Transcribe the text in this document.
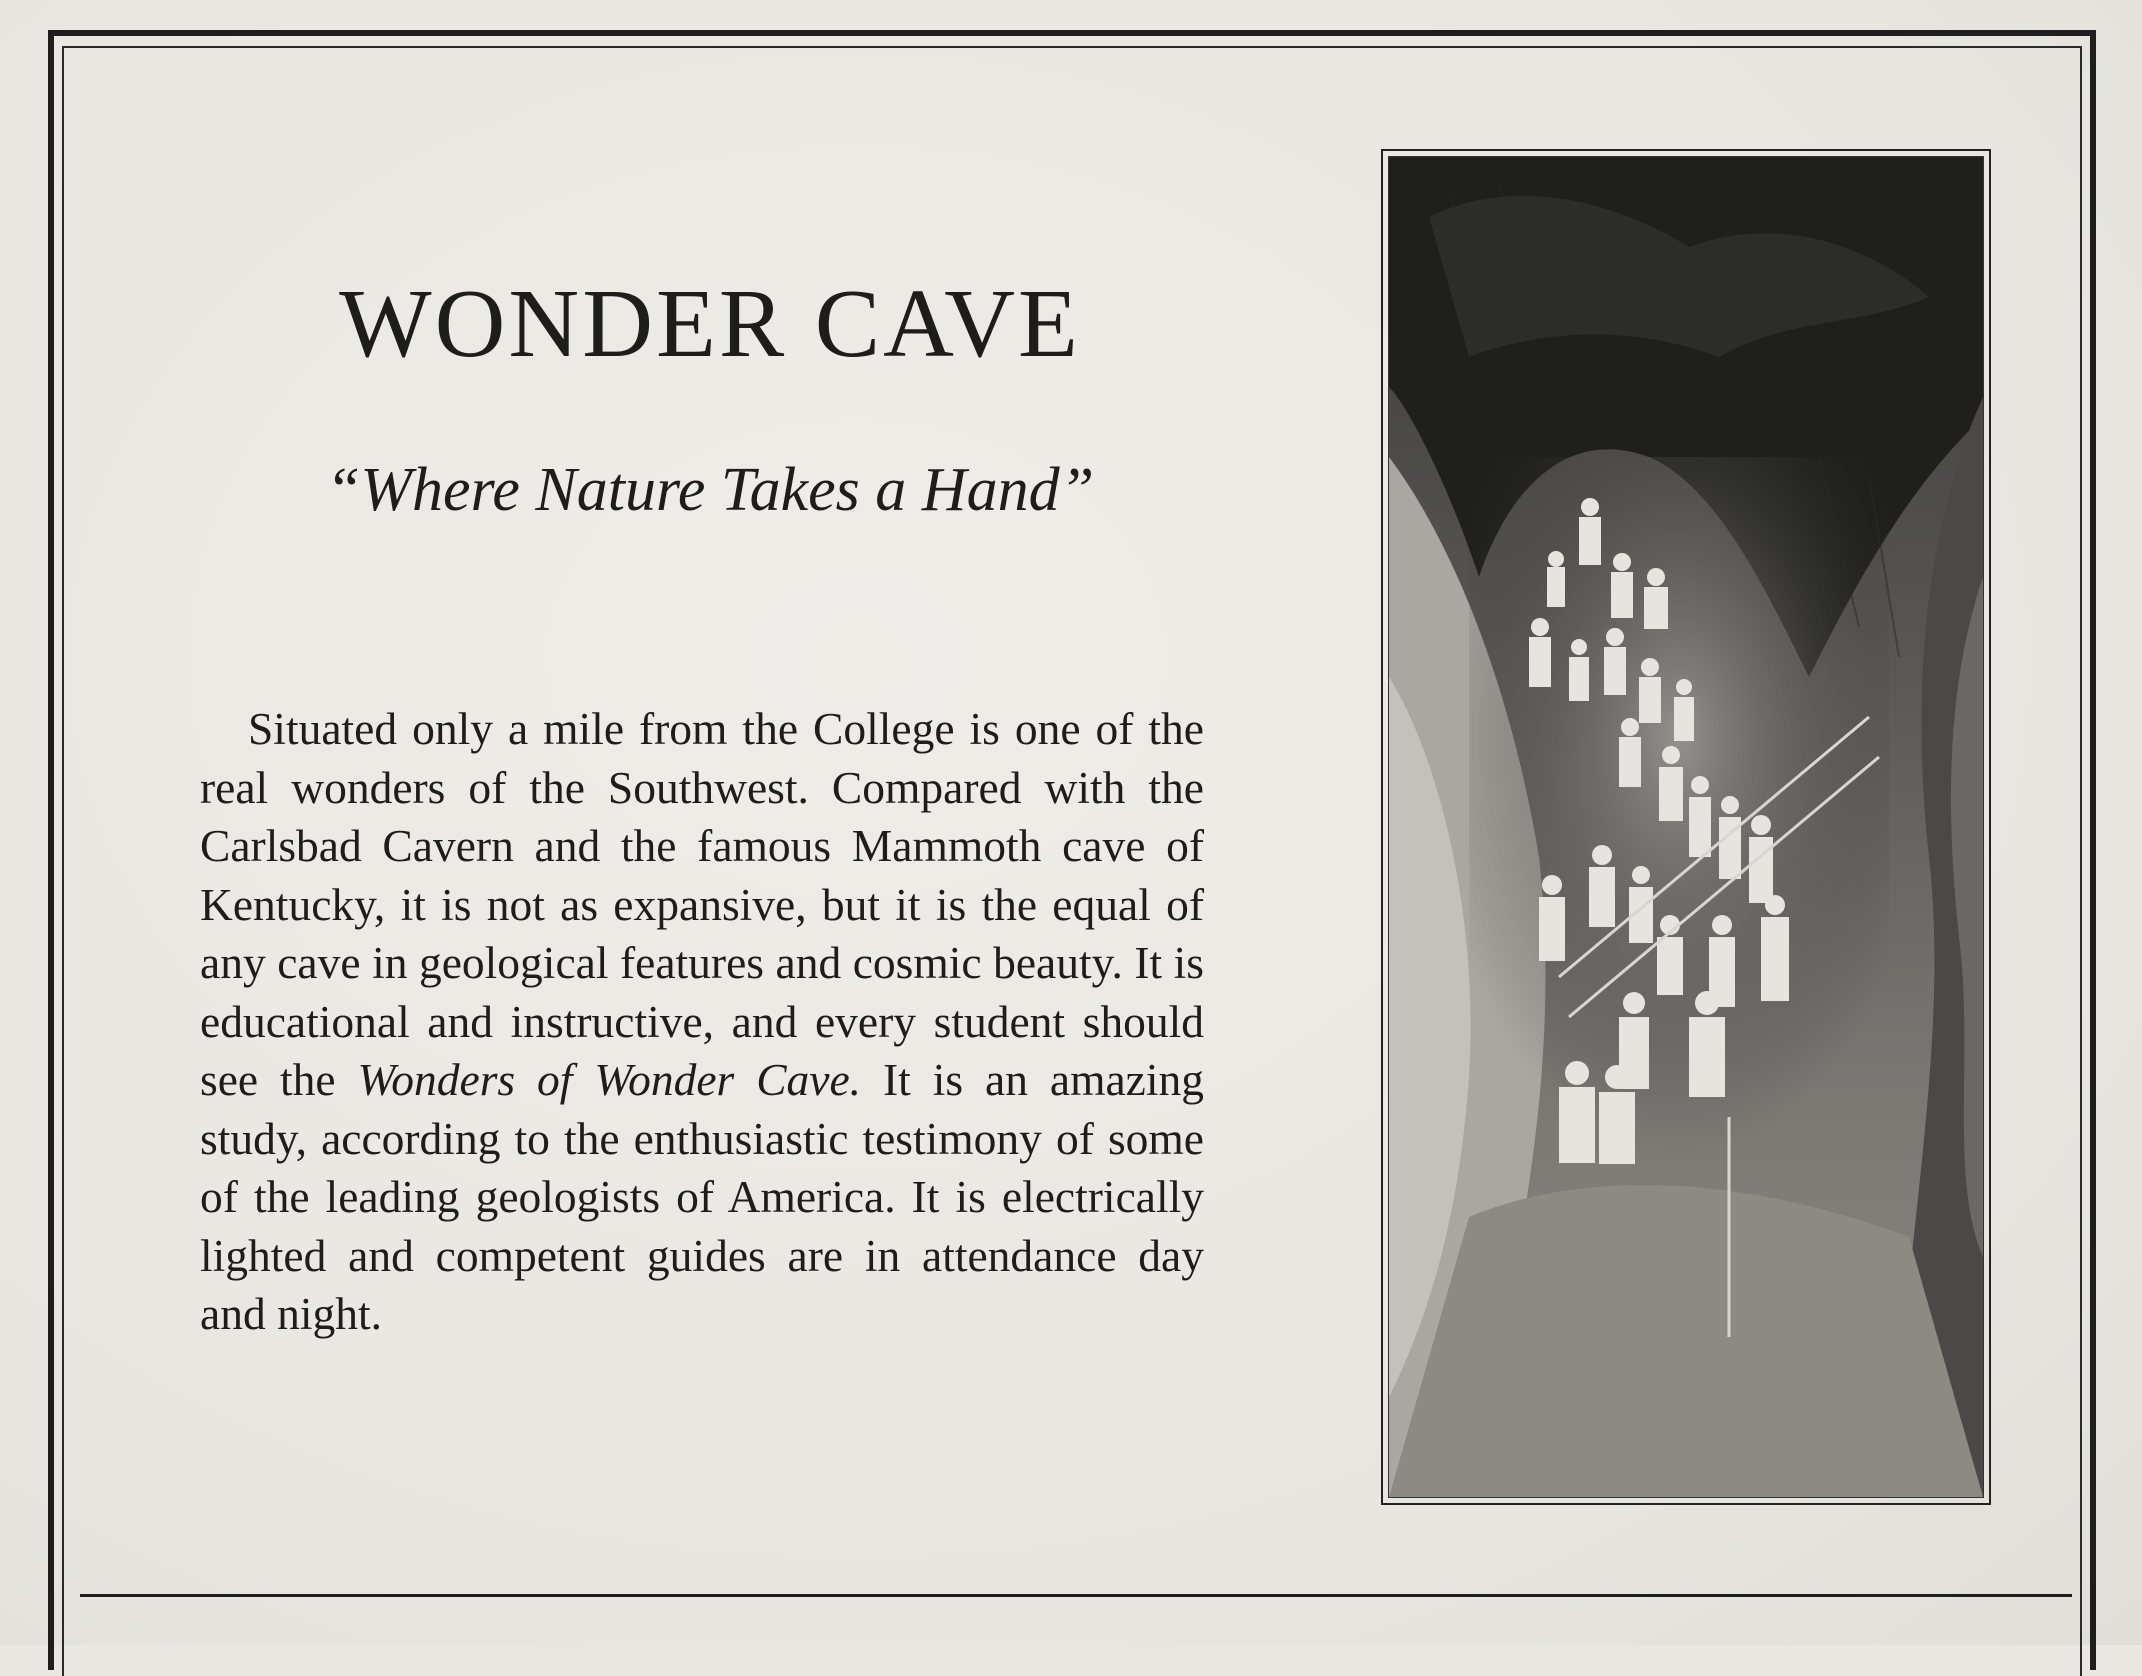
WONDER CAVE

“Where Nature Takes a Hand”

Situated only a mile from the College is one of the real wonders of the Southwest. Compared with the Carlsbad Cavern and the famous Mammoth cave of Kentucky, it is not as expansive, but it is the equal of any cave in geological features and cosmic beauty. It is educational and instructive, and every student should see the Wonders of Wonder Cave. It is an amazing study, according to the enthusiastic testimony of some of the leading geologists of America. It is electrically lighted and competent guides are in attendance day and night.
